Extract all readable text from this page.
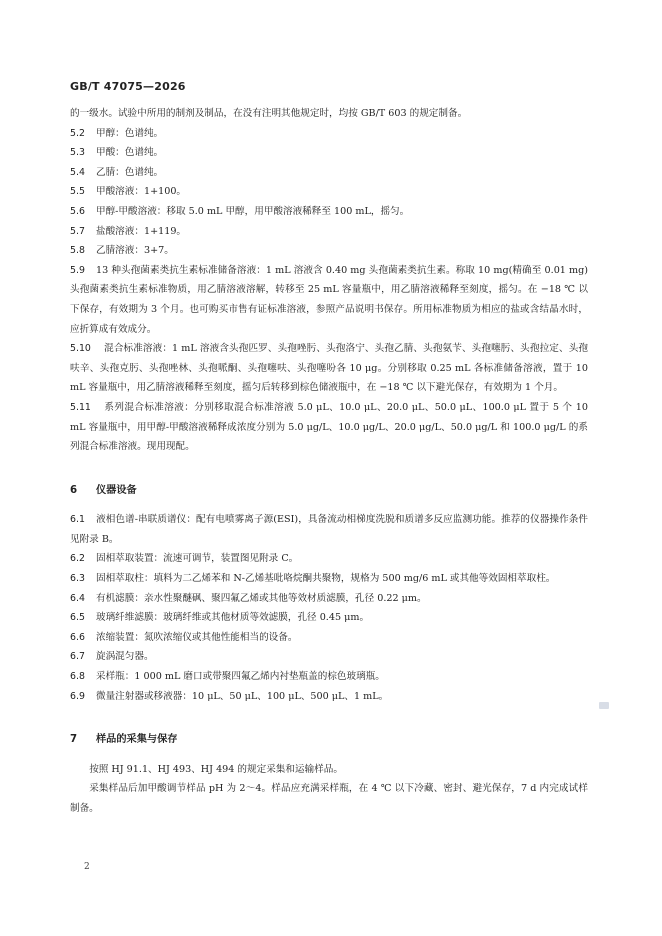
GB/T 47075—2026

的一级水。试验中所用的制剂及制品，在没有注明其他规定时，均按 GB/T 603 的规定制备。

5.2	甲醇：色谱纯。
5.3	甲酸：色谱纯。
5.4	乙腈：色谱纯。
5.5	甲酸溶液：1+100。
5.6	甲醇-甲酸溶液：移取 5.0 mL 甲醇，用甲酸溶液稀释至 100 mL，摇匀。
5.7	盐酸溶液：1+119。
5.8	乙腈溶液：3+7。

5.9 13 种头孢菌素类抗生素标准储备溶液：1 mL 溶液含 0.40 mg 头孢菌素类抗生素。称取 10 mg(精确至 0.01 mg)头孢菌素类抗生素标准物质，用乙腈溶液溶解，转移至 25 mL 容量瓶中，用乙腈溶液稀释至刻度，摇匀。在 −18 ℃ 以下保存，有效期为 3 个月。也可购买市售有证标准溶液，参照产品说明书保存。所用标准物质为相应的盐或含结晶水时，应折算成有效成分。

5.10 混合标准溶液：1 mL 溶液含头孢匹罗、头孢唑肟、头孢洛宁、头孢乙腈、头孢氨苄、头孢噻肟、头孢拉定、头孢呋辛、头孢克肟、头孢唑林、头孢哌酮、头孢噻呋、头孢噻吩各 10 μg。分别移取 0.25 mL 各标准储备溶液，置于 10 mL 容量瓶中，用乙腈溶液稀释至刻度，摇匀后转移到棕色储液瓶中，在 −18 ℃ 以下避光保存，有效期为 1 个月。

5.11 系列混合标准溶液：分别移取混合标准溶液 5.0 μL、10.0 μL、20.0 μL、50.0 μL、100.0 μL 置于 5 个 10 mL 容量瓶中，用甲醇-甲酸溶液稀释成浓度分别为 5.0 μg/L、10.0 μg/L、20.0 μg/L、50.0 μg/L 和 100.0 μg/L 的系列混合标准溶液。现用现配。

6	仪器设备

6.1 液相色谱-串联质谱仪：配有电喷雾离子源(ESI)，具备流动相梯度洗脱和质谱多反应监测功能。推荐的仪器操作条件见附录 B。

6.2	固相萃取装置：流速可调节，装置图见附录 C。

6.3 固相萃取柱：填料为二乙烯苯和 N-乙烯基吡咯烷酮共聚物，规格为 500 mg/6 mL 或其他等效固相萃取柱。

6.4	有机滤膜：亲水性聚醚砜、聚四氟乙烯或其他等效材质滤膜，孔径 0.22 μm。
6.5	玻璃纤维滤膜：玻璃纤维或其他材质等效滤膜，孔径 0.45 μm。
6.6	浓缩装置：氮吹浓缩仪或其他性能相当的设备。
6.7	旋涡混匀器。
6.8	采样瓶：1 000 mL 磨口或带聚四氟乙烯内衬垫瓶盖的棕色玻璃瓶。
6.9	微量注射器或移液器：10 μL、50 μL、100 μL、500 μL、1 mL。
7	样品的采集与保存

按照 HJ 91.1、HJ 493、HJ 494 的规定采集和运输样品。

采集样品后加甲酸调节样品 pH 为 2～4。样品应充满采样瓶，在 4 ℃ 以下冷藏、密封、避光保存，7 d 内完成试样制备。

2
